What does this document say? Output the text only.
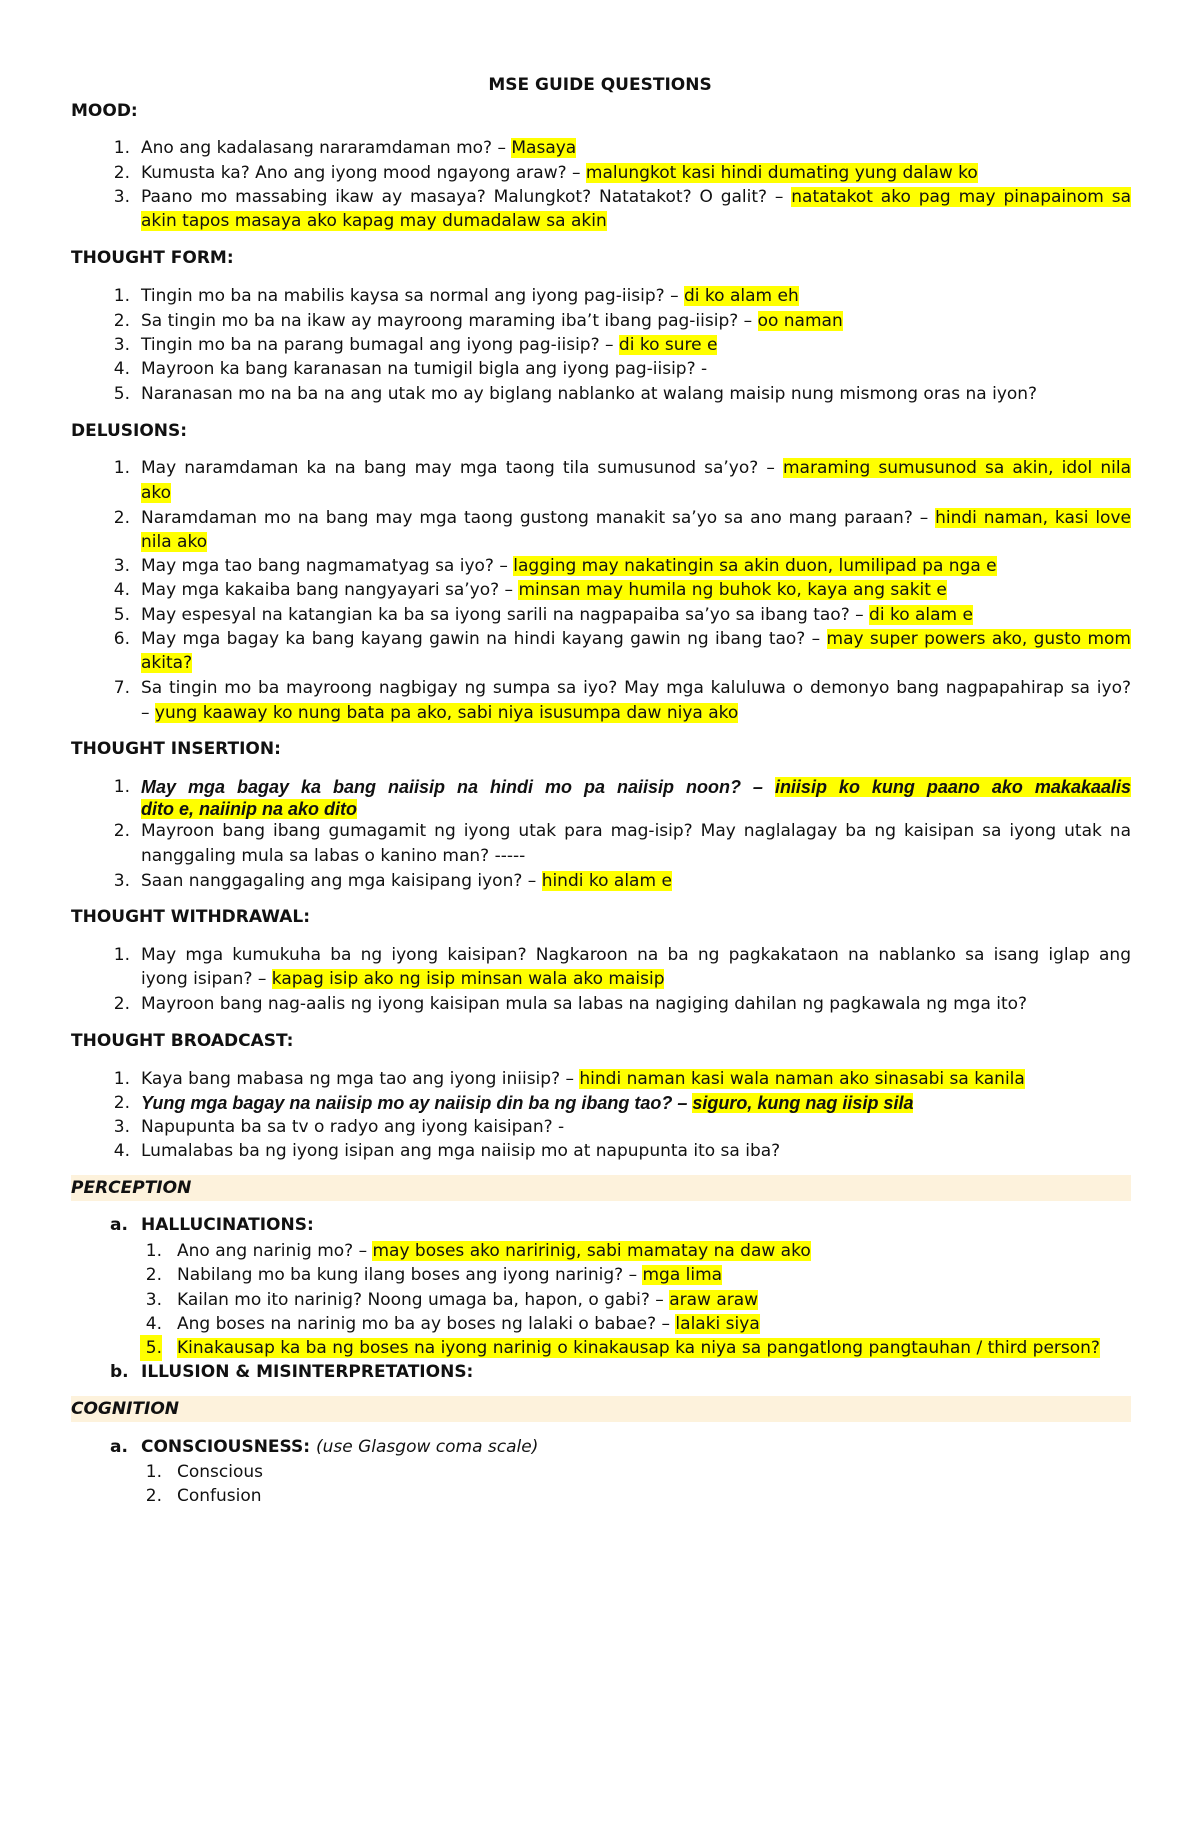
MSE GUIDE QUESTIONS
MOOD:
1. Ano ang kadalasang nararamdaman mo? – Masaya
2. Kumusta ka? Ano ang iyong mood ngayong araw? – malungkot kasi hindi dumating yung dalaw ko
3. Paano mo massabing ikaw ay masaya? Malungkot? Natatakot? O galit? – natatakot ako pag may pinapainom sa
akin tapos masaya ako kapag may dumadalaw sa akin
THOUGHT FORM:
1. Tingin mo ba na mabilis kaysa sa normal ang iyong pag-iisip? – di ko alam eh
2. Sa tingin mo ba na ikaw ay mayroong maraming iba’t ibang pag-iisip? – oo naman
3. Tingin mo ba na parang bumagal ang iyong pag-iisip? – di ko sure e
4. Mayroon ka bang karanasan na tumigil bigla ang iyong pag-iisip? -
5. Naranasan mo na ba na ang utak mo ay biglang nablanko at walang maisip nung mismong oras na iyon?
DELUSIONS:
1. May naramdaman ka na bang may mga taong tila sumusunod sa’yo? – maraming sumusunod sa akin, idol nila
ako
2. Naramdaman mo na bang may mga taong gustong manakit sa’yo sa ano mang paraan? – hindi naman, kasi love
nila ako
3. May mga tao bang nagmamatyag sa iyo? – lagging may nakatingin sa akin duon, lumilipad pa nga e
4. May mga kakaiba bang nangyayari sa’yo? – minsan may humila ng buhok ko, kaya ang sakit e
5. May espesyal na katangian ka ba sa iyong sarili na nagpapaiba sa’yo sa ibang tao? – di ko alam e
6. May mga bagay ka bang kayang gawin na hindi kayang gawin ng ibang tao? – may super powers ako, gusto mom
akita?
7. Sa tingin mo ba mayroong nagbigay ng sumpa sa iyo? May mga kaluluwa o demonyo bang nagpapahirap sa iyo?
– yung kaaway ko nung bata pa ako, sabi niya isusumpa daw niya ako
THOUGHT INSERTION:
1. May mga bagay ka bang naiisip na hindi mo pa naiisip noon? – iniisip ko kung paano ako makakaalis
dito e, naiinip na ako dito
2. Mayroon bang ibang gumagamit ng iyong utak para mag-isip? May naglalagay ba ng kaisipan sa iyong utak na
nanggaling mula sa labas o kanino man? -----
3. Saan nanggagaling ang mga kaisipang iyon? – hindi ko alam e
THOUGHT WITHDRAWAL:
1. May mga kumukuha ba ng iyong kaisipan? Nagkaroon na ba ng pagkakataon na nablanko sa isang iglap ang
iyong isipan? – kapag isip ako ng isip minsan wala ako maisip
2. Mayroon bang nag-aalis ng iyong kaisipan mula sa labas na nagiging dahilan ng pagkawala ng mga ito?
THOUGHT BROADCAST:
1. Kaya bang mabasa ng mga tao ang iyong iniisip? – hindi naman kasi wala naman ako sinasabi sa kanila
2. Yung mga bagay na naiisip mo ay naiisip din ba ng ibang tao? – siguro, kung nag iisip sila
3. Napupunta ba sa tv o radyo ang iyong kaisipan? -
4. Lumalabas ba ng iyong isipan ang mga naiisip mo at napupunta ito sa iba?
PERCEPTION
a. HALLUCINATIONS:
1. Ano ang narinig mo? – may boses ako naririnig, sabi mamatay na daw ako
2. Nabilang mo ba kung ilang boses ang iyong narinig? – mga lima
3. Kailan mo ito narinig? Noong umaga ba, hapon, o gabi? – araw araw
4. Ang boses na narinig mo ba ay boses ng lalaki o babae? – lalaki siya
5. Kinakausap ka ba ng boses na iyong narinig o kinakausap ka niya sa pangatlong pangtauhan / third person?
b. ILLUSION & MISINTERPRETATIONS:
COGNITION
a. CONSCIOUSNESS: (use Glasgow coma scale)
1. Conscious
2. Confusion
